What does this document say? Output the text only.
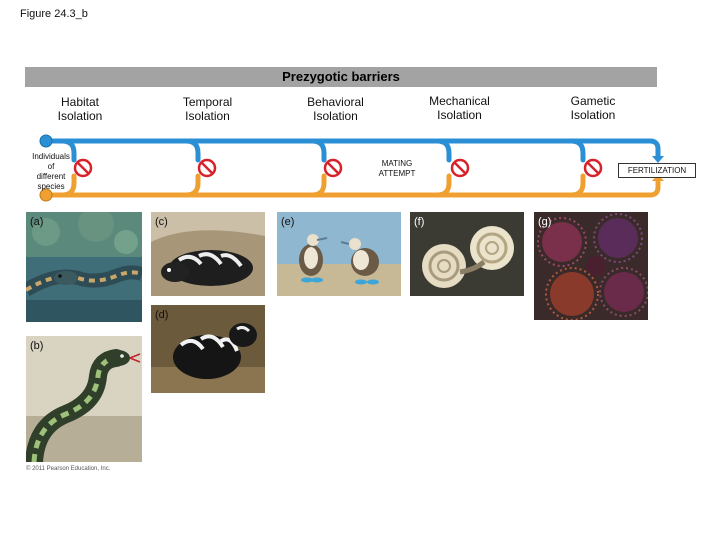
Figure 24.3_b
Prezygotic barriers
Habitat
Isolation
Temporal
Isolation
Behavioral
Isolation
Mechanical
Isolation
Gametic
Isolation
Individuals
of
different
species
MATING
ATTEMPT	FERTILIZATION
(a)
(b)
(c)
(d)
(e)	(f)	(g)
© 2011 Pearson Education, Inc.
